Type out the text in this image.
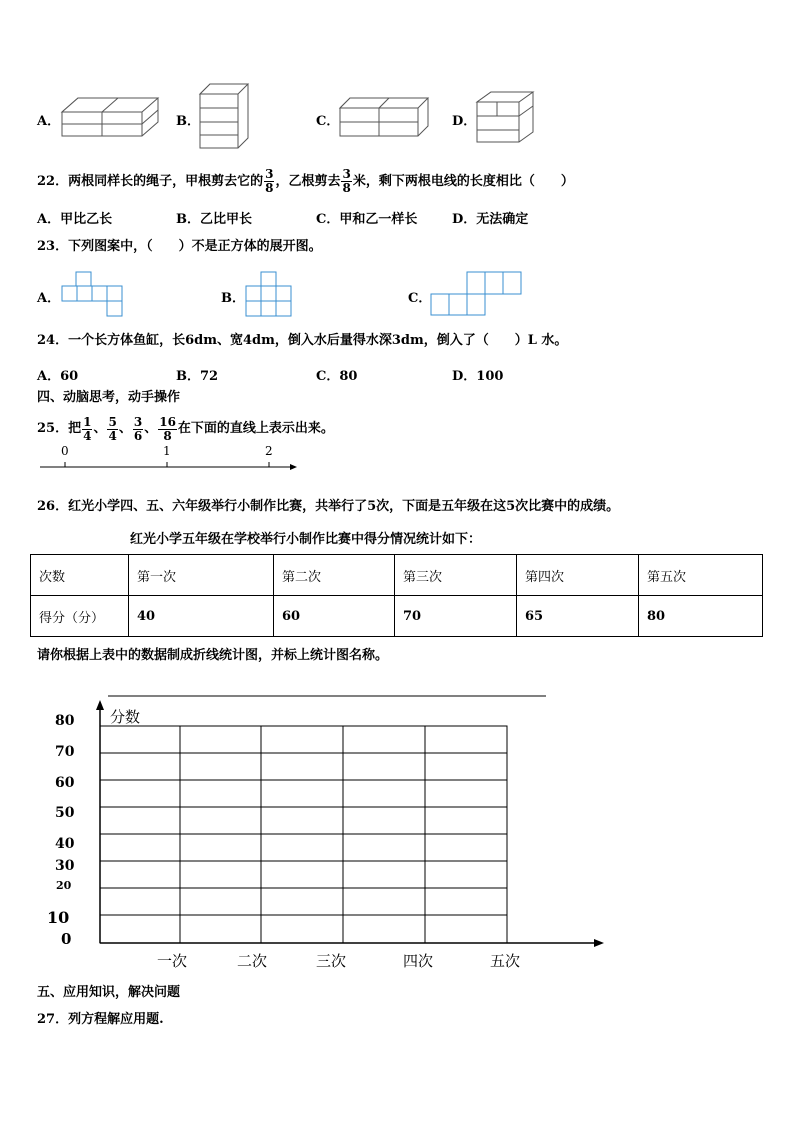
A．	B．	C．	D．
22．两根同样长的绳子，甲根剪去它的 $\frac{3}{8}$ ，乙根剪去 $\frac{3}{8}$ 米，剩下两根电线的长度相比（　　）
A．甲比乙长	B．乙比甲长	C．甲和乙一样长	D．无法确定
23．下列图案中，（　　）不是正方体的展开图。
A．	B．	C．
24．一个长方体鱼缸，长6dm、宽4dm，倒入水后量得水深3dm，倒入了（　　）L 水。
A．60	B．72	C．80	D．100
四、动脑思考，动手操作
25．把 $\frac{1}{4}$ 、 $\frac{5}{4}$ 、 $\frac{3}{6}$ 、 $\frac{16}{8}$ 在下面的直线上表示出来。
0	1	2
26．红光小学四、五、六年级举行小制作比赛，共举行了5次，下面是五年级在这5次比赛中的成绩。
红光小学五年级在学校举行小制作比赛中得分情况统计如下：
次数	第一次	第二次	第三次	第四次	第五次
得分（分）	40	60	70	65	80
请你根据上表中的数据制成折线统计图，并标上统计图名称。
分数
80
70
60
50
40
30
20
10
0
一次	二次	三次	四次	五次
五、应用知识，解决问题
27．列方程解应用题.
